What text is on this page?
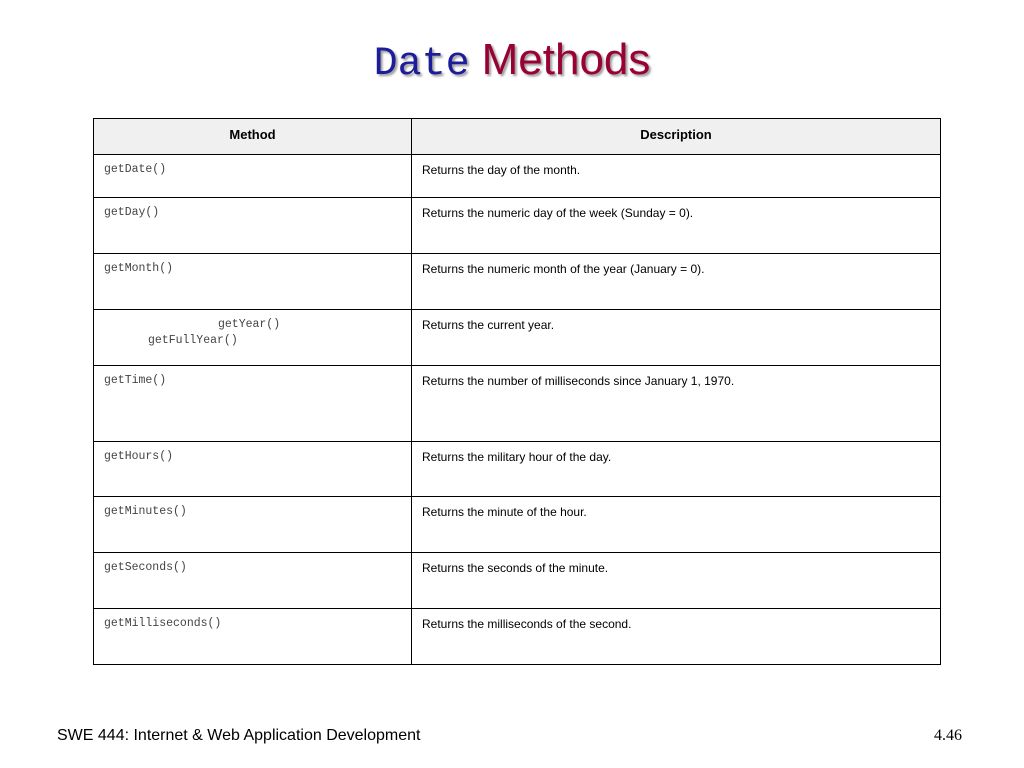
Date Methods
Method	Description
getDate()	Returns the day of the month.
getDay()	Returns the numeric day of the week (Sunday = 0).
getMonth()	Returns the numeric month of the year (January = 0).

getYear()
getFullYear()	Returns the current year.
getTime()	Returns the number of milliseconds since January 1, 1970.
getHours()	Returns the military hour of the day.
getMinutes()	Returns the minute of the hour.
getSeconds()	Returns the seconds of the minute.
getMilliseconds()	Returns the milliseconds of the second.
SWE 444: Internet & Web Application Development	4.46
